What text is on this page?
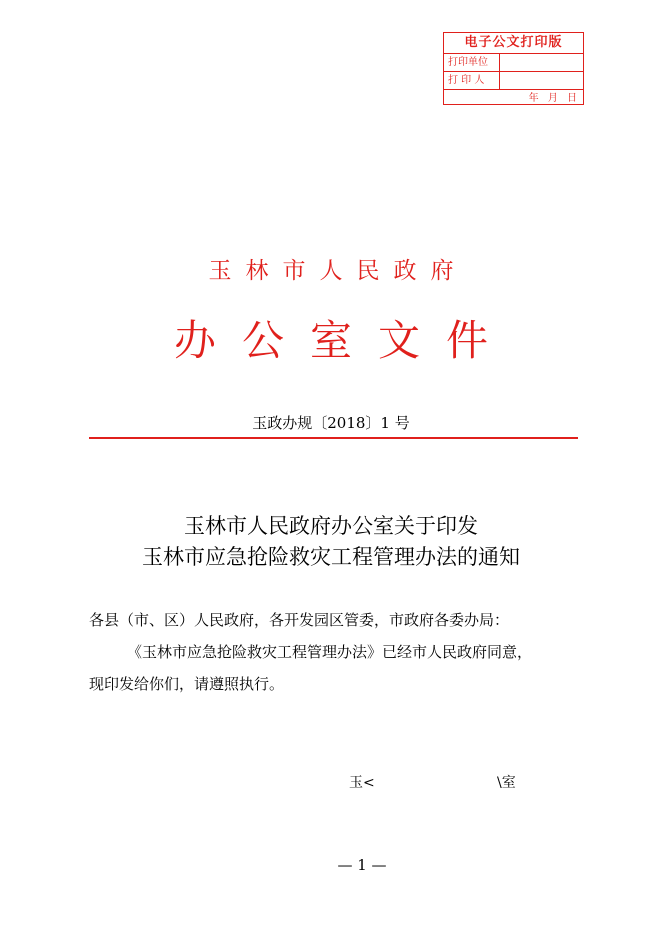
电子公文打印版
打印单位
打 印 人
年 月 日
玉林市人民政府
办公室文件
玉政办规〔2018〕1 号
玉林市人民政府办公室关于印发
玉林市应急抢险救灾工程管理办法的通知
各县（市、区）人民政府，各开发园区管委，市政府各委办局：
《玉林市应急抢险救灾工程管理办法》已经市人民政府同意，
现印发给你们，请遵照执行。
玉<	\室
— 1 —
